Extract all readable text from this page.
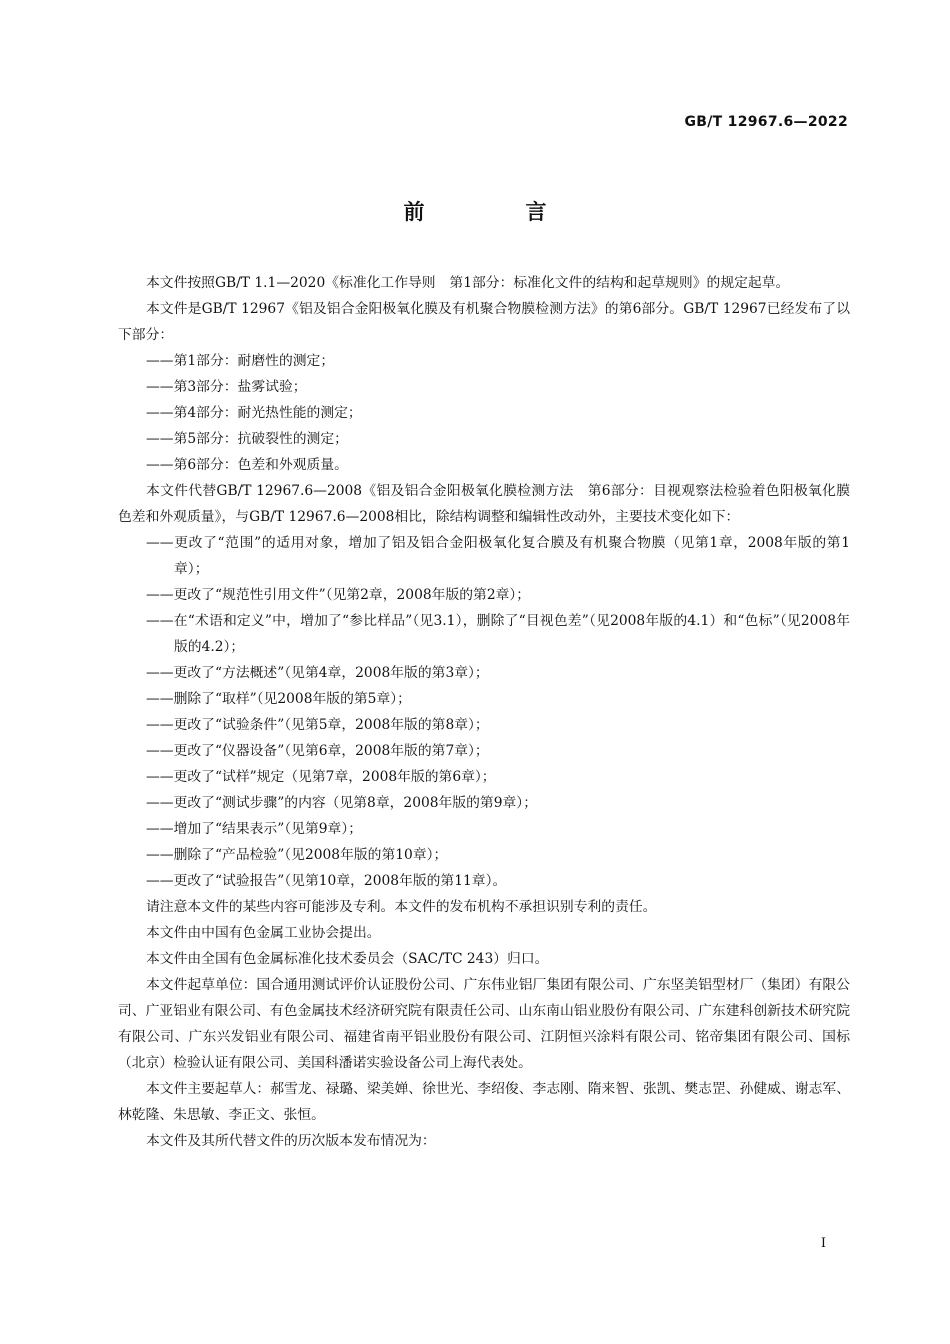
GB/T 12967.6—2022
前　言

本文件按照GB/T 1.1—2020《标准化工作导则　第1部分：标准化文件的结构和起草规则》的规定起草。

本文件是GB/T 12967《铝及铝合金阳极氧化膜及有机聚合物膜检测方法》的第6部分。GB/T 12967已经发布了以下部分：

——第1部分：耐磨性的测定；

——第3部分：盐雾试验；

——第4部分：耐光热性能的测定；

——第5部分：抗破裂性的测定；

——第6部分：色差和外观质量。

本文件代替GB/T 12967.6—2008《铝及铝合金阳极氧化膜检测方法　第6部分：目视观察法检验着色阳极氧化膜色差和外观质量》，与GB/T 12967.6—2008相比，除结构调整和编辑性改动外，主要技术变化如下：

——更改了“范围”的适用对象，增加了铝及铝合金阳极氧化复合膜及有机聚合物膜（见第1章，2008年版的第1章）；

——更改了“规范性引用文件”（见第2章，2008年版的第2章）；

——在“术语和定义”中，增加了“参比样品”（见3.1），删除了“目视色差”（见2008年版的4.1）和“色标”（见2008年版的4.2）；

——更改了“方法概述”（见第4章，2008年版的第3章）；

——删除了“取样”（见2008年版的第5章）；

——更改了“试验条件”（见第5章，2008年版的第8章）；

——更改了“仪器设备”（见第6章，2008年版的第7章）；

——更改了“试样”规定（见第7章，2008年版的第6章）；

——更改了“测试步骤”的内容（见第8章，2008年版的第9章）；

——增加了“结果表示”（见第9章）；

——删除了“产品检验”（见2008年版的第10章）；

——更改了“试验报告”（见第10章，2008年版的第11章）。

请注意本文件的某些内容可能涉及专利。本文件的发布机构不承担识别专利的责任。

本文件由中国有色金属工业协会提出。

本文件由全国有色金属标准化技术委员会（SAC/TC 243）归口。

本文件起草单位：国合通用测试评价认证股份公司、广东伟业铝厂集团有限公司、广东坚美铝型材厂（集团）有限公司、广亚铝业有限公司、有色金属技术经济研究院有限责任公司、山东南山铝业股份有限公司、广东建科创新技术研究院有限公司、广东兴发铝业有限公司、福建省南平铝业股份有限公司、江阴恒兴涂料有限公司、铭帝集团有限公司、国标（北京）检验认证有限公司、美国科潘诺实验设备公司上海代表处。

本文件主要起草人：郝雪龙、禄璐、梁美婵、徐世光、李绍俊、李志刚、隋来智、张凯、樊志罡、孙健威、谢志军、林乾隆、朱思敏、李正文、张恒。

本文件及其所代替文件的历次版本发布情况为：

I
